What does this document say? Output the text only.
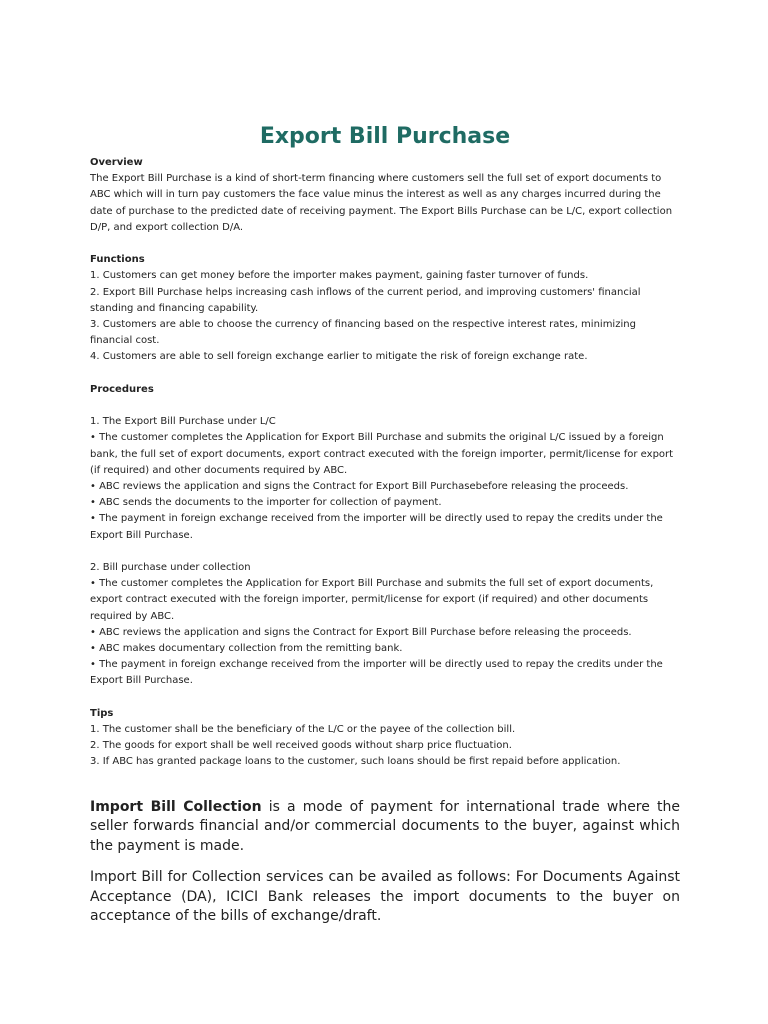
Export Bill Purchase
Overview
The Export Bill Purchase is a kind of short-term financing where customers sell the full set of export documents to ABC which will in turn pay customers the face value minus the interest as well as any charges incurred during the date of purchase to the predicted date of receiving payment. The Export Bills Purchase can be L/C, export collection D/P, and export collection D/A.
Functions
1. Customers can get money before the importer makes payment, gaining faster turnover of funds.
2. Export Bill Purchase helps increasing cash inflows of the current period, and improving customers' financial standing and financing capability.
3. Customers are able to choose the currency of financing based on the respective interest rates, minimizing financial cost.
4. Customers are able to sell foreign exchange earlier to mitigate the risk of foreign exchange rate.
Procedures
1. The Export Bill Purchase under L/C
• The customer completes the Application for Export Bill Purchase and submits the original L/C issued by a foreign bank, the full set of export documents, export contract executed with the foreign importer, permit/license for export (if required) and other documents required by ABC.
• ABC reviews the application and signs the Contract for Export Bill Purchasebefore releasing the proceeds.
• ABC sends the documents to the importer for collection of payment.
• The payment in foreign exchange received from the importer will be directly used to repay the credits under the Export Bill Purchase.
2. Bill purchase under collection
• The customer completes the Application for Export Bill Purchase and submits the full set of export documents, export contract executed with the foreign importer, permit/license for export (if required) and other documents required by ABC.
• ABC reviews the application and signs the Contract for Export Bill Purchase before releasing the proceeds.
• ABC makes documentary collection from the remitting bank.
• The payment in foreign exchange received from the importer will be directly used to repay the credits under the Export Bill Purchase.
Tips
1. The customer shall be the beneficiary of the L/C or the payee of the collection bill.
2. The goods for export shall be well received goods without sharp price fluctuation.
3. If ABC has granted package loans to the customer, such loans should be first repaid before application.

Import Bill Collection is a mode of payment for international trade where the seller forwards financial and/or commercial documents to the buyer, against which the payment is made.

Import Bill for Collection services can be availed as follows: For Documents Against Acceptance (DA), ICICI Bank releases the import documents to the buyer on acceptance of the bills of exchange/draft.
